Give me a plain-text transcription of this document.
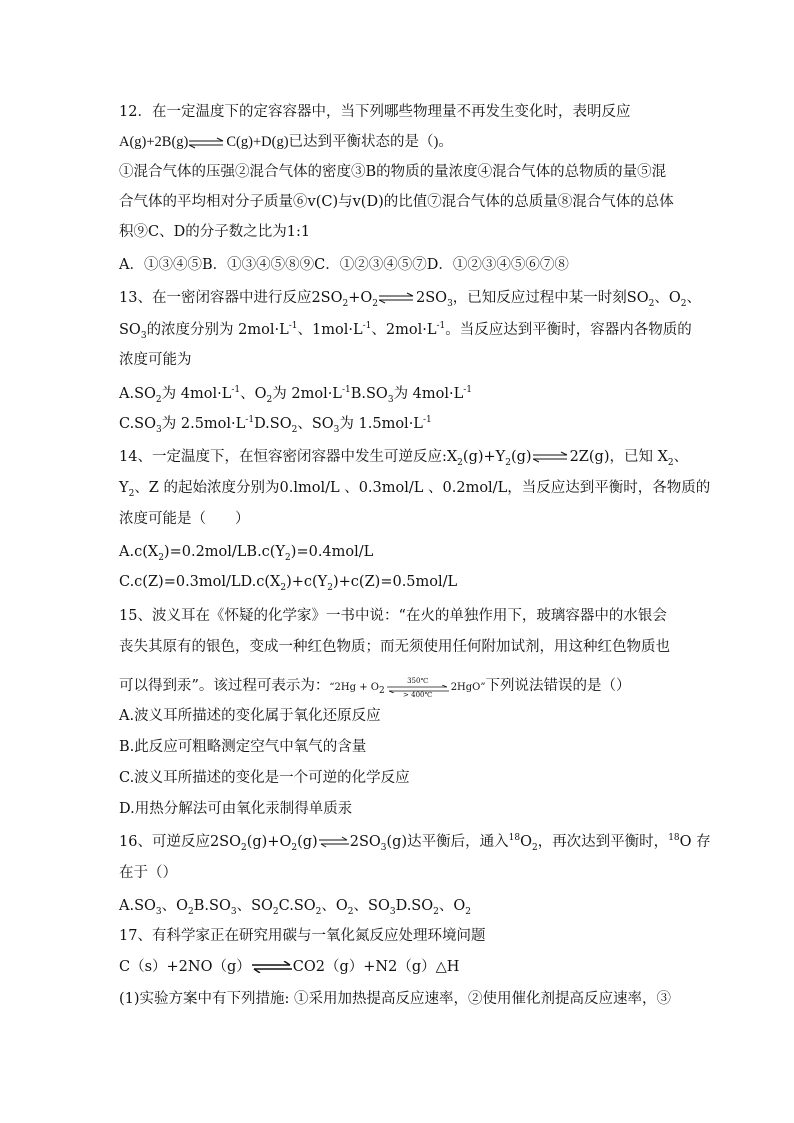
12．在一定温度下的定容容器中，当下列哪些物理量不再发生变化时，表明反应
A(g)+2B(g)	C(g)+D(g)已达到平衡状态的是（)。
①混合气体的压强②混合气体的密度③B的物质的量浓度④混合气体的总物质的量⑤混
合气体的平均相对分子质量⑥v(C)与v(D)的比值⑦混合气体的总质量⑧混合气体的总体
积⑨C、D的分子数之比为1:1
A．①③④⑤B．①③④⑤⑧⑨C．①②③④⑤⑦D．①②③④⑤⑥⑦⑧
13、在一密闭容器中进行反应$2SO_2+O_2$	$2SO_3$，已知反应过程中某一时刻$SO_2$、$O_2$、
$SO_3$的浓度分别为 $2mol\cdot L^{-1}$、$1mol\cdot L^{-1}$、$2mol\cdot L^{-1}$。当反应达到平衡时，容器内各物质的
浓度可能为
$A.SO_2$为 $4mol\cdot L^{-1}$、$O_2$为 $2mol\cdot L^{-1}B.SO_3$为 $4mol\cdot L^{-1}$
$C.SO_3$为 $2.5mol\cdot L^{-1}D.SO_2$、$SO_3$为 $1.5mol\cdot L^{-1}$
14、一定温度下，在恒容密闭容器中发生可逆反应$:X_2(g)+Y_2(g)$	2Z(g)，已知 $X_2$、
$Y_2$、Z 的起始浓度分别为0.lmol/L 、0.3mol/L 、0.2mol/L，当反应达到平衡时，各物质的
浓度可能是（　　）
$A.c(X_2)=0.2mol/LB.c(Y_2)=0.4mol/L$
$C.c(Z)=0.3mol/LD.c(X_2)+c(Y_2)+c(Z)=0.5mol/L$
15、波义耳在《怀疑的化学家》一书中说：“在火的单独作用下，玻璃容器中的水银会
丧失其原有的银色，变成一种红色物质；而无须使用任何附加试剂，用这种红色物质也
可以得到汞”。该过程可表示为：“$2Hg + O_2$
350℃
> 400℃
2HgO”下列说法错误的是（）
A.波义耳所描述的变化属于氧化还原反应
B.此反应可粗略测定空气中氧气的含量
C.波义耳所描述的变化是一个可逆的化学反应
D.用热分解法可由氧化汞制得单质汞
16、可逆反应$2SO_2(g)+O_2(g)\rightleftharpoons 2SO_3(g)$达平衡后，通入$^{18}O_2$，再次达到平衡时，$^{18}$O 存
在于（）
$A.SO_3$、$O_2B.SO_3$、$SO_2C.SO_2$、$O_2$、$SO_3D.SO_2$、$O_2$
17、有科学家正在研究用碳与一氧化氮反应处理环境问题
C（s）+2NO（g）⇌CO2（g）+N2（g）△H
(1)实验方案中有下列措施: ①采用加热提高反应速率，②使用催化剂提高反应速率，③
